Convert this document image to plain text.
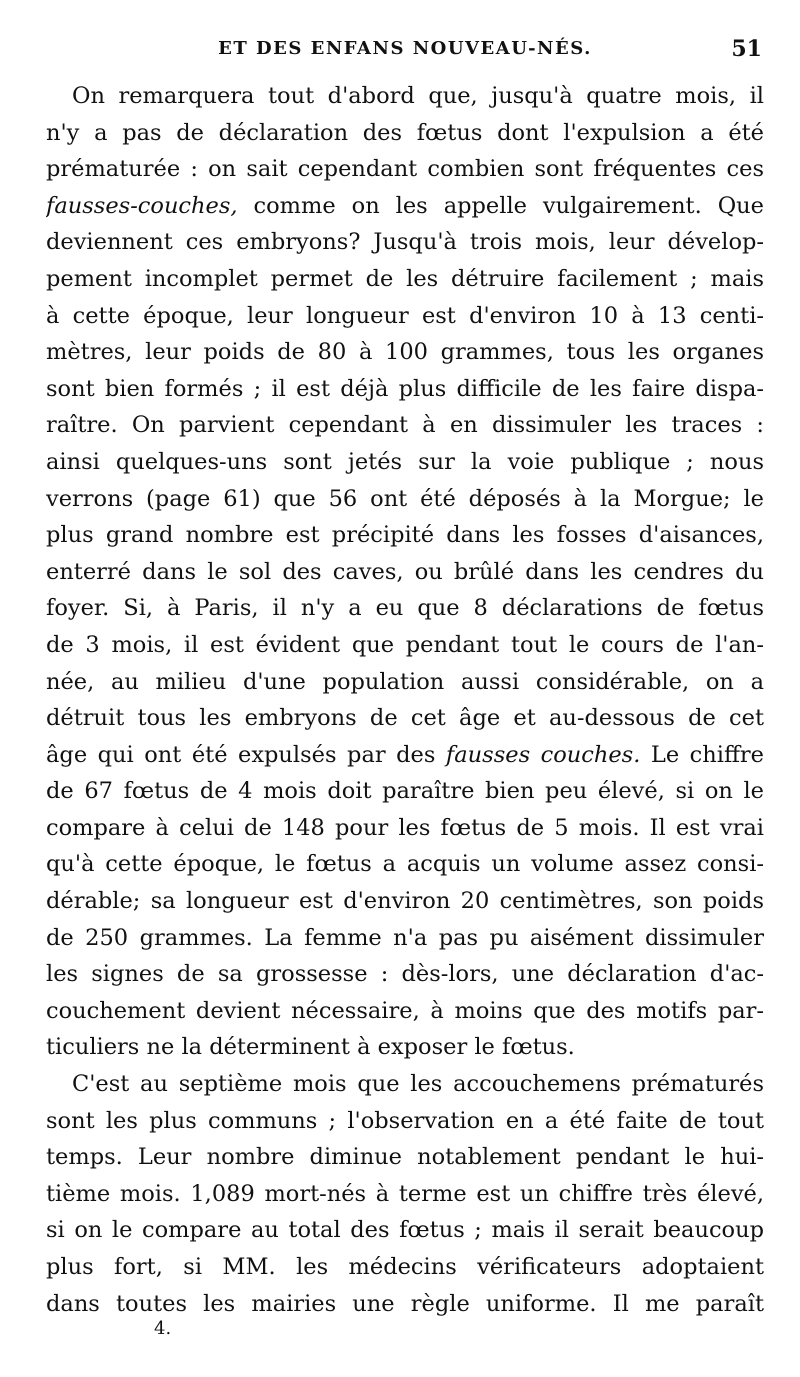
ET DES ENFANS NOUVEAU-NÉS.	51
On remarquera tout d'abord que, jusqu'à quatre mois, il
n'y a pas de déclaration des fœtus dont l'expulsion a été
prématurée : on sait cependant combien sont fréquentes ces
fausses-couches, comme on les appelle vulgairement. Que
deviennent ces embryons? Jusqu'à trois mois, leur dévelop-
pement incomplet permet de les détruire facilement ; mais
à cette époque, leur longueur est d'environ 10 à 13 centi-
mètres, leur poids de 80 à 100 grammes, tous les organes
sont bien formés ; il est déjà plus difficile de les faire dispa-
raître. On parvient cependant à en dissimuler les traces :
ainsi quelques-uns sont jetés sur la voie publique ; nous
verrons (page 61) que 56 ont été déposés à la Morgue; le
plus grand nombre est précipité dans les fosses d'aisances,
enterré dans le sol des caves, ou brûlé dans les cendres du
foyer. Si, à Paris, il n'y a eu que 8 déclarations de fœtus
de 3 mois, il est évident que pendant tout le cours de l'an-
née, au milieu d'une population aussi considérable, on a
détruit tous les embryons de cet âge et au-dessous de cet
âge qui ont été expulsés par des fausses couches. Le chiffre
de 67 fœtus de 4 mois doit paraître bien peu élevé, si on le
compare à celui de 148 pour les fœtus de 5 mois. Il est vrai
qu'à cette époque, le fœtus a acquis un volume assez consi-
dérable; sa longueur est d'environ 20 centimètres, son poids
de 250 grammes. La femme n'a pas pu aisément dissimuler
les signes de sa grossesse : dès-lors, une déclaration d'ac-
couchement devient nécessaire, à moins que des motifs par-
ticuliers ne la déterminent à exposer le fœtus.
C'est au septième mois que les accouchemens prématurés
sont les plus communs ; l'observation en a été faite de tout
temps. Leur nombre diminue notablement pendant le hui-
tième mois. 1,089 mort-nés à terme est un chiffre très élevé,
si on le compare au total des fœtus ; mais il serait beaucoup
plus fort, si MM. les médecins vérificateurs adoptaient
dans toutes les mairies une règle uniforme. Il me paraît
4.
